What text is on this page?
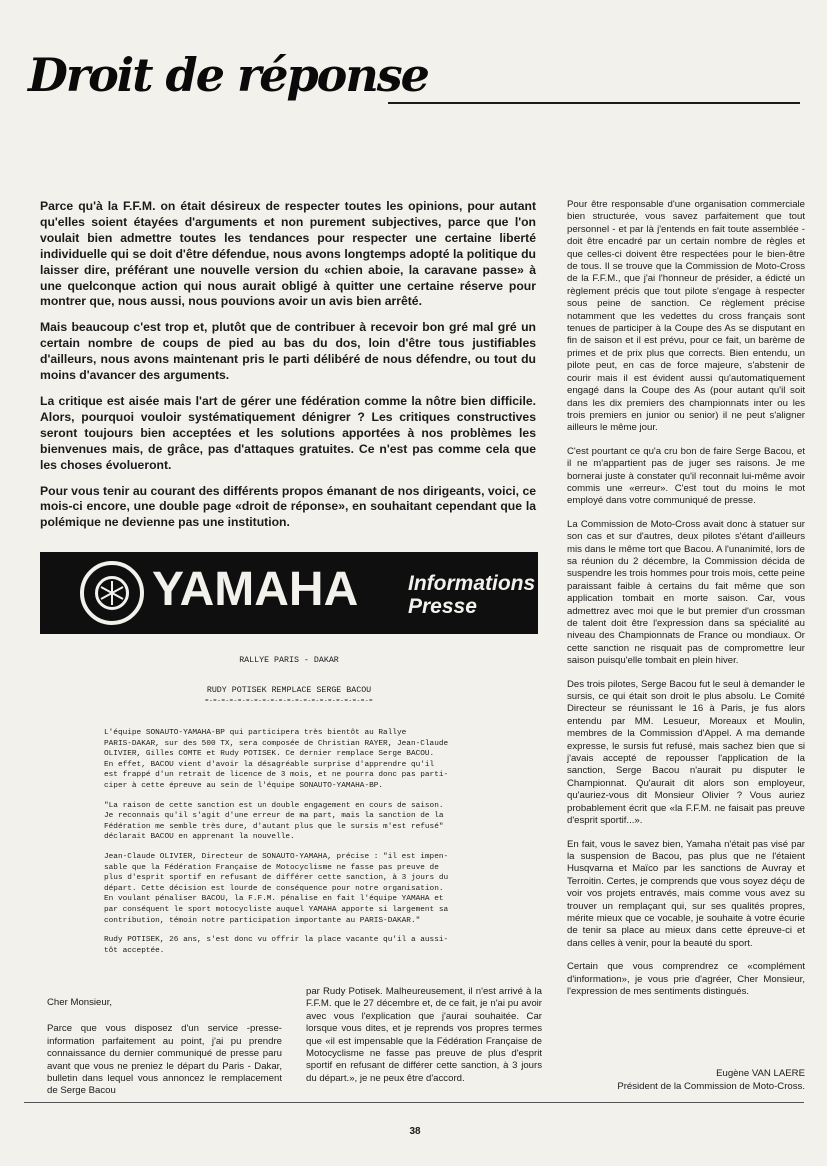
Droit de réponse

Parce qu'à la F.F.M. on était désireux de respecter toutes les opinions, pour autant qu'elles soient étayées d'arguments et non purement subjectives, parce que l'on voulait bien admettre toutes les tendances pour respecter une certaine liberté individuelle qui se doit d'être défendue, nous avons longtemps adopté la politique du laisser dire, préférant une nouvelle version du «chien aboie, la caravane passe» à une quelconque action qui nous aurait obligé à quitter une certaine réserve pour montrer que, nous aussi, nous pouvions avoir un avis bien arrêté.

Mais beaucoup c'est trop et, plutôt que de contribuer à recevoir bon gré mal gré un certain nombre de coups de pied au bas du dos, loin d'être tous justifiables d'ailleurs, nous avons maintenant pris le parti délibéré de nous défendre, ou tout du moins d'avancer des arguments.

La critique est aisée mais l'art de gérer une fédération comme la nôtre bien difficile. Alors, pourquoi vouloir systématiquement dénigrer ? Les critiques constructives seront toujours bien acceptées et les solutions apportées à nos problèmes les bienvenues mais, de grâce, pas d'attaques gratuites. Ce n'est pas comme cela que les choses évolueront.

Pour vous tenir au courant des différents propos émanant de nos dirigeants, voici, ce mois-ci encore, une double page «droit de réponse», en souhaitant cependant que la polémique ne devienne pas une institution.

YAMAHA Informations
Presse
RALLYE PARIS - DAKAR
RUDY POTISEK REMPLACE SERGE BACOU
=-=-=-=-=-=-=-=-=-=-=-=-=-=-=-=-=-=-=-=-=

L'équipe SONAUTO-YAMAHA-BP qui participera très bientôt au Rallye
PARIS-DAKAR, sur des 500 TX, sera composée de Christian RAYER, Jean-Claude
OLIVIER, Gilles COMTE et Rudy POTISEK. Ce dernier remplace Serge BACOU.
En effet, BACOU vient d'avoir la désagréable surprise d'apprendre qu'il
est frappé d'un retrait de licence de 3 mois, et ne pourra donc pas parti-
ciper à cette épreuve au sein de l'équipe SONAUTO-YAMAHA-BP.

"La raison de cette sanction est un double engagement en cours de saison.
Je reconnais qu'il s'agit d'une erreur de ma part, mais la sanction de la
Fédération me semble très dure, d'autant plus que le sursis m'est refusé"
déclarait BACOU en apprenant la nouvelle.

Jean-Claude OLIVIER, Directeur de SONAUTO-YAMAHA, précise : "il est impen-
sable que la Fédération Française de Motocyclisme ne fasse pas preuve de
plus d'esprit sportif en refusant de différer cette sanction, à 3 jours du
départ. Cette décision est lourde de conséquence pour notre organisation.
En voulant pénaliser BACOU, la F.F.M. pénalise en fait l'équipe YAMAHA et
par conséquent le sport motocycliste auquel YAMAHA apporte si largement sa
contribution, témoin notre participation importante au PARIS-DAKAR."

Rudy POTISEK, 26 ans, s'est donc vu offrir la place vacante qu'il a aussi-
tôt acceptée.

Cher Monsieur,

Parce que vous disposez d'un service -presse-information parfaitement au point, j'ai pu prendre connaissance du dernier communiqué de presse paru avant que vous ne preniez le départ du Paris - Dakar, bulletin dans lequel vous annoncez le remplacement de Serge Bacou

par Rudy Potisek. Malheureusement, il n'est arrivé à la F.F.M. que le 27 décembre et, de ce fait, je n'ai pu avoir avec vous l'explication que j'aurai souhaitée. Car lorsque vous dites, et je reprends vos propres termes que «il est impensable que la Fédération Française de Motocyclisme ne fasse pas preuve de plus d'esprit sportif en refusant de différer cette sanction, à 3 jours du départ.», je ne peux être d'accord.

Pour être responsable d'une organisation commerciale bien structurée, vous savez parfaitement que tout personnel - et par là j'entends en fait toute assemblée - doit être encadré par un certain nombre de règles et que celles-ci doivent être respectées pour le bien-être de tous. Il se trouve que la Commission de Moto-Cross de la F.F.M., que j'ai l'honneur de présider, a édicté un règlement précis que tout pilote s'engage à respecter sous peine de sanction. Ce règlement précise notamment que les vedettes du cross français sont tenues de participer à la Coupe des As se disputant en fin de saison et il est prévu, pour ce fait, un barème de primes et de prix plus que corrects. Bien entendu, un pilote peut, en cas de force majeure, s'abstenir de courir mais il est évident aussi qu'automatiquement engagé dans la Coupe des As (pour autant qu'il soit dans les dix premiers des championnats inter ou les trois premiers en junior ou senior) il ne peut s'aligner ailleurs le même jour.

C'est pourtant ce qu'a cru bon de faire Serge Bacou, et il ne m'appartient pas de juger ses raisons. Je me bornerai juste à constater qu'il reconnait lui-même avoir commis une «erreur». C'est tout du moins le mot employé dans votre communiqué de presse.

La Commission de Moto-Cross avait donc à statuer sur son cas et sur d'autres, deux pilotes s'étant d'ailleurs mis dans le même tort que Bacou. A l'unanimité, lors de sa réunion du 2 décembre, la Commission décida de suspendre les trois hommes pour trois mois, cette peine paraissant faible à certains du fait même que son application tombait en morte saison. Car, vous admettrez avec moi que le but premier d'un crossman de talent doit être l'expression dans sa spécialité au niveau des Championnats de France ou mondiaux. Or cette sanction ne risquait pas de compromettre leur saison puisqu'elle tombait en plein hiver.

Des trois pilotes, Serge Bacou fut le seul à demander le sursis, ce qui était son droit le plus absolu. Le Comité Directeur se réunissant le 16 à Paris, je fus alors entendu par MM. Lesueur, Moreaux et Moulin, membres de la Commission d'Appel. A ma demande expresse, le sursis fut refusé, mais sachez bien que si j'avais accepté de repousser l'application de la sanction, Serge Bacou n'aurait pu disputer le Championnat. Qu'aurait dit alors son employeur, qu'auriez-vous dit Monsieur Olivier ? Vous auriez probablement écrit que «la F.F.M. ne faisait pas preuve d'esprit sportif...».

En fait, vous le savez bien, Yamaha n'était pas visé par la suspension de Bacou, pas plus que ne l'étaient Husqvarna et Maïco par les sanctions de Auvray et Terroitin. Certes, je comprends que vous soyez déçu de voir vos projets entravés, mais comme vous avez su trouver un remplaçant qui, sur ses qualités propres, mérite mieux que ce vocable, je souhaite à votre écurie de tenir sa place au mieux dans cette épreuve-ci et dans celles à venir, pour la beauté du sport.

Certain que vous comprendrez ce «complément d'information», je vous prie d'agréer, Cher Monsieur, l'expression de mes sentiments distingués.

Eugène VAN LAERE
Président de la Commission de Moto-Cross.
38
